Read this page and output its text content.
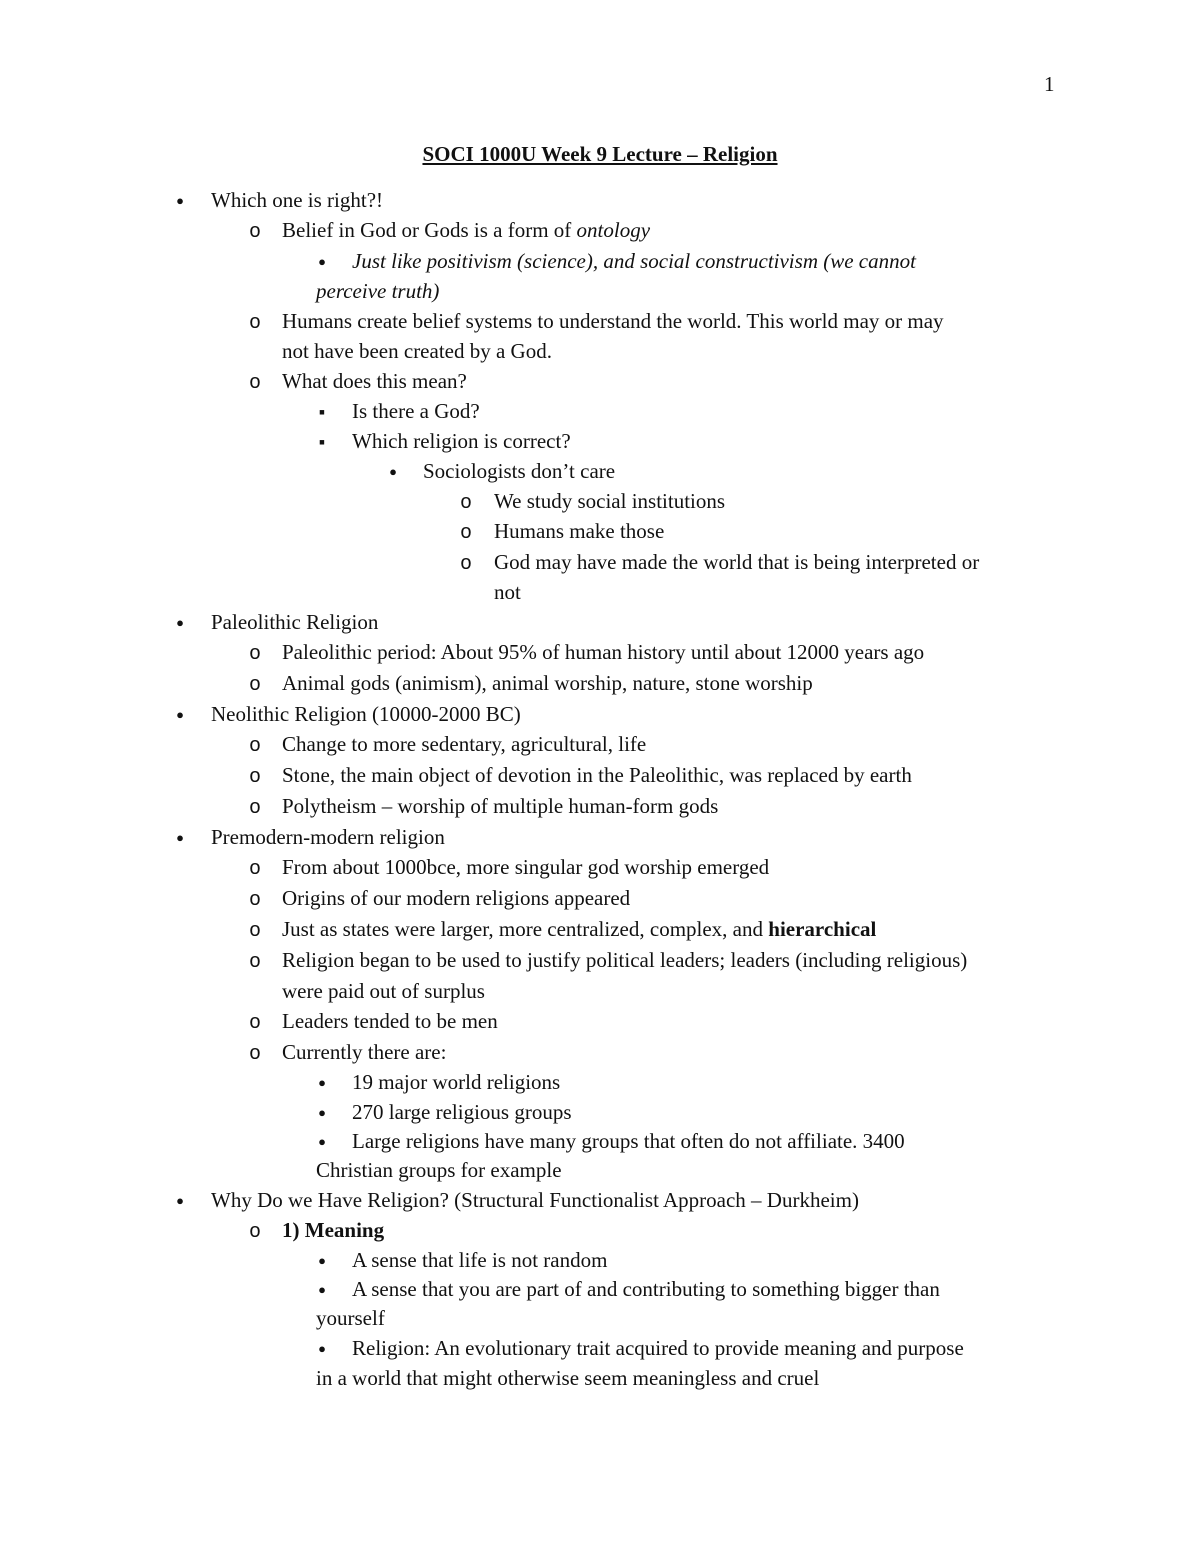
1
SOCI 1000U Week 9 Lecture – Religion
●
Which one is right?!
o
Belief in God or Gods is a form of ontology
●
Just like positivism (science), and social constructivism (we cannot
perceive truth)
o
Humans create belief systems to understand the world. This world may or may
not have been created by a God.
o
What does this mean?
▪
Is there a God?
▪
Which religion is correct?
●
Sociologists don’t care
o
We study social institutions
o
Humans make those
o
God may have made the world that is being interpreted or
not
●
Paleolithic Religion
o
Paleolithic period: About 95% of human history until about 12000 years ago
o
Animal gods (animism), animal worship, nature, stone worship
●
Neolithic Religion (10000-2000 BC)
o
Change to more sedentary, agricultural, life
o
Stone, the main object of devotion in the Paleolithic, was replaced by earth
o
Polytheism – worship of multiple human-form gods
●
Premodern-modern religion
o
From about 1000bce, more singular god worship emerged
o
Origins of our modern religions appeared
o
Just as states were larger, more centralized, complex, and hierarchical
o
Religion began to be used to justify political leaders; leaders (including religious)
were paid out of surplus
o
Leaders tended to be men
o
Currently there are:
●
19 major world religions
●
270 large religious groups
●
Large religions have many groups that often do not affiliate. 3400
Christian groups for example
●
Why Do we Have Religion? (Structural Functionalist Approach – Durkheim)
o
1) Meaning
●
A sense that life is not random
●
A sense that you are part of and contributing to something bigger than
yourself
●
Religion: An evolutionary trait acquired to provide meaning and purpose
in a world that might otherwise seem meaningless and cruel
